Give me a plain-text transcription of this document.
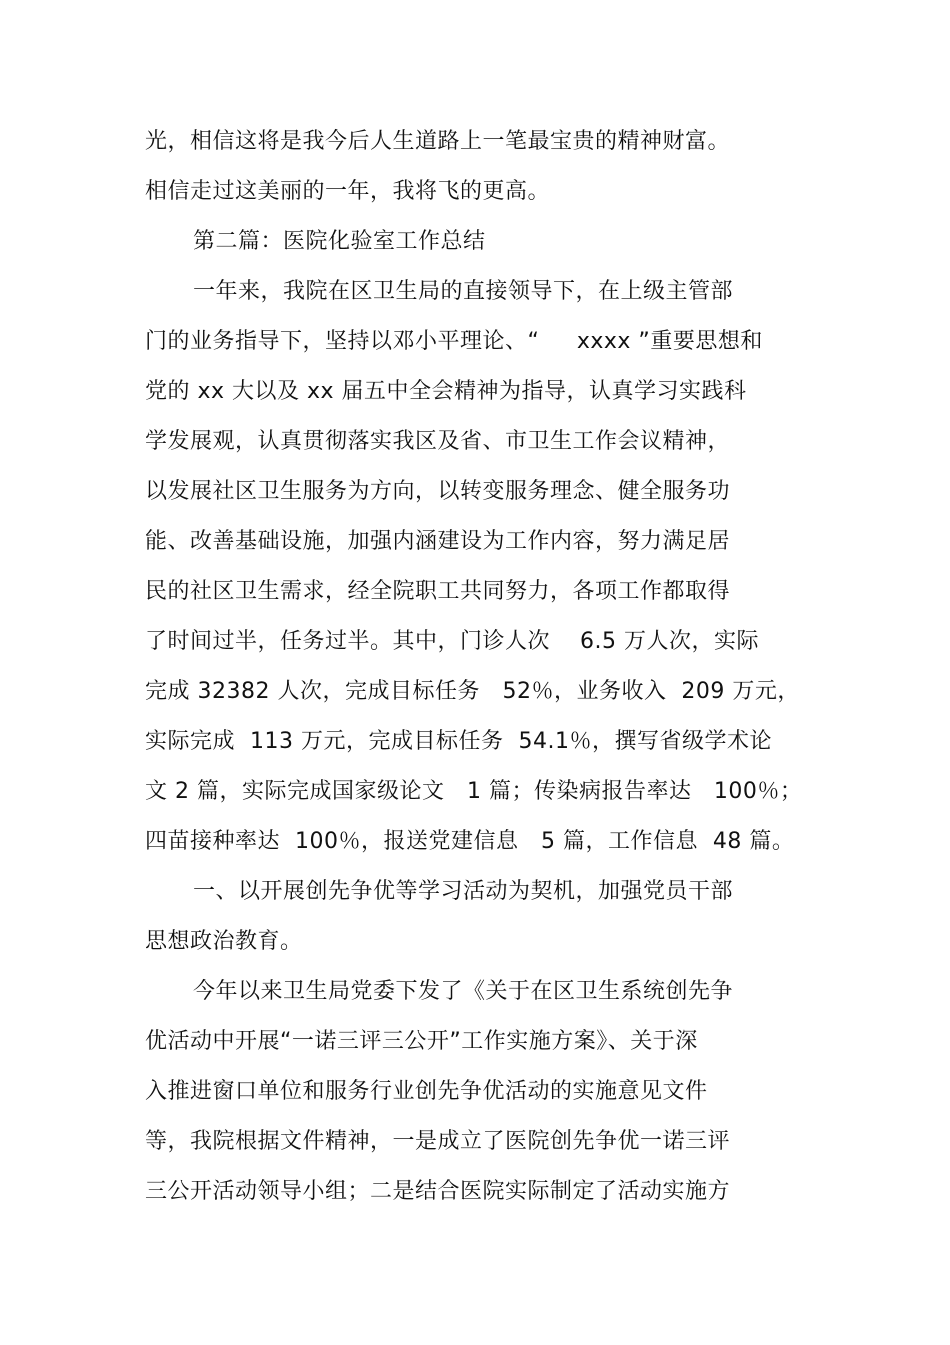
光，相信这将是我今后人生道路上一笔最宝贵的精神财富。
相信走过这美丽的一年，我将飞的更高。
第二篇：医院化验室工作总结
一年来，我院在区卫生局的直接领导下，在上级主管部
门的业务指导下，坚持以邓小平理论、“     xxxx ”重要思想和
党的 xx 大以及 xx 届五中全会精神为指导，认真学习实践科
学发展观，认真贯彻落实我区及省、市卫生工作会议精神，
以发展社区卫生服务为方向，以转变服务理念、健全服务功
能、改善基础设施，加强内涵建设为工作内容，努力满足居
民的社区卫生需求，经全院职工共同努力，各项工作都取得
了时间过半，任务过半。其中，门诊人次    6.5 万人次，实际
完成 32382 人次，完成目标任务   52％，业务收入  209 万元，
实际完成  113 万元，完成目标任务  54.1％，撰写省级学术论
文 2 篇，实际完成国家级论文   1 篇；传染病报告率达   100％；
四苗接种率达  100％，报送党建信息   5 篇，工作信息  48 篇。
一、以开展创先争优等学习活动为契机，加强党员干部
思想政治教育。
今年以来卫生局党委下发了《关于在区卫生系统创先争
优活动中开展“一诺三评三公开”工作实施方案》、关于深
入推进窗口单位和服务行业创先争优活动的实施意见文件
等，我院根据文件精神，一是成立了医院创先争优一诺三评
三公开活动领导小组；二是结合医院实际制定了活动实施方
